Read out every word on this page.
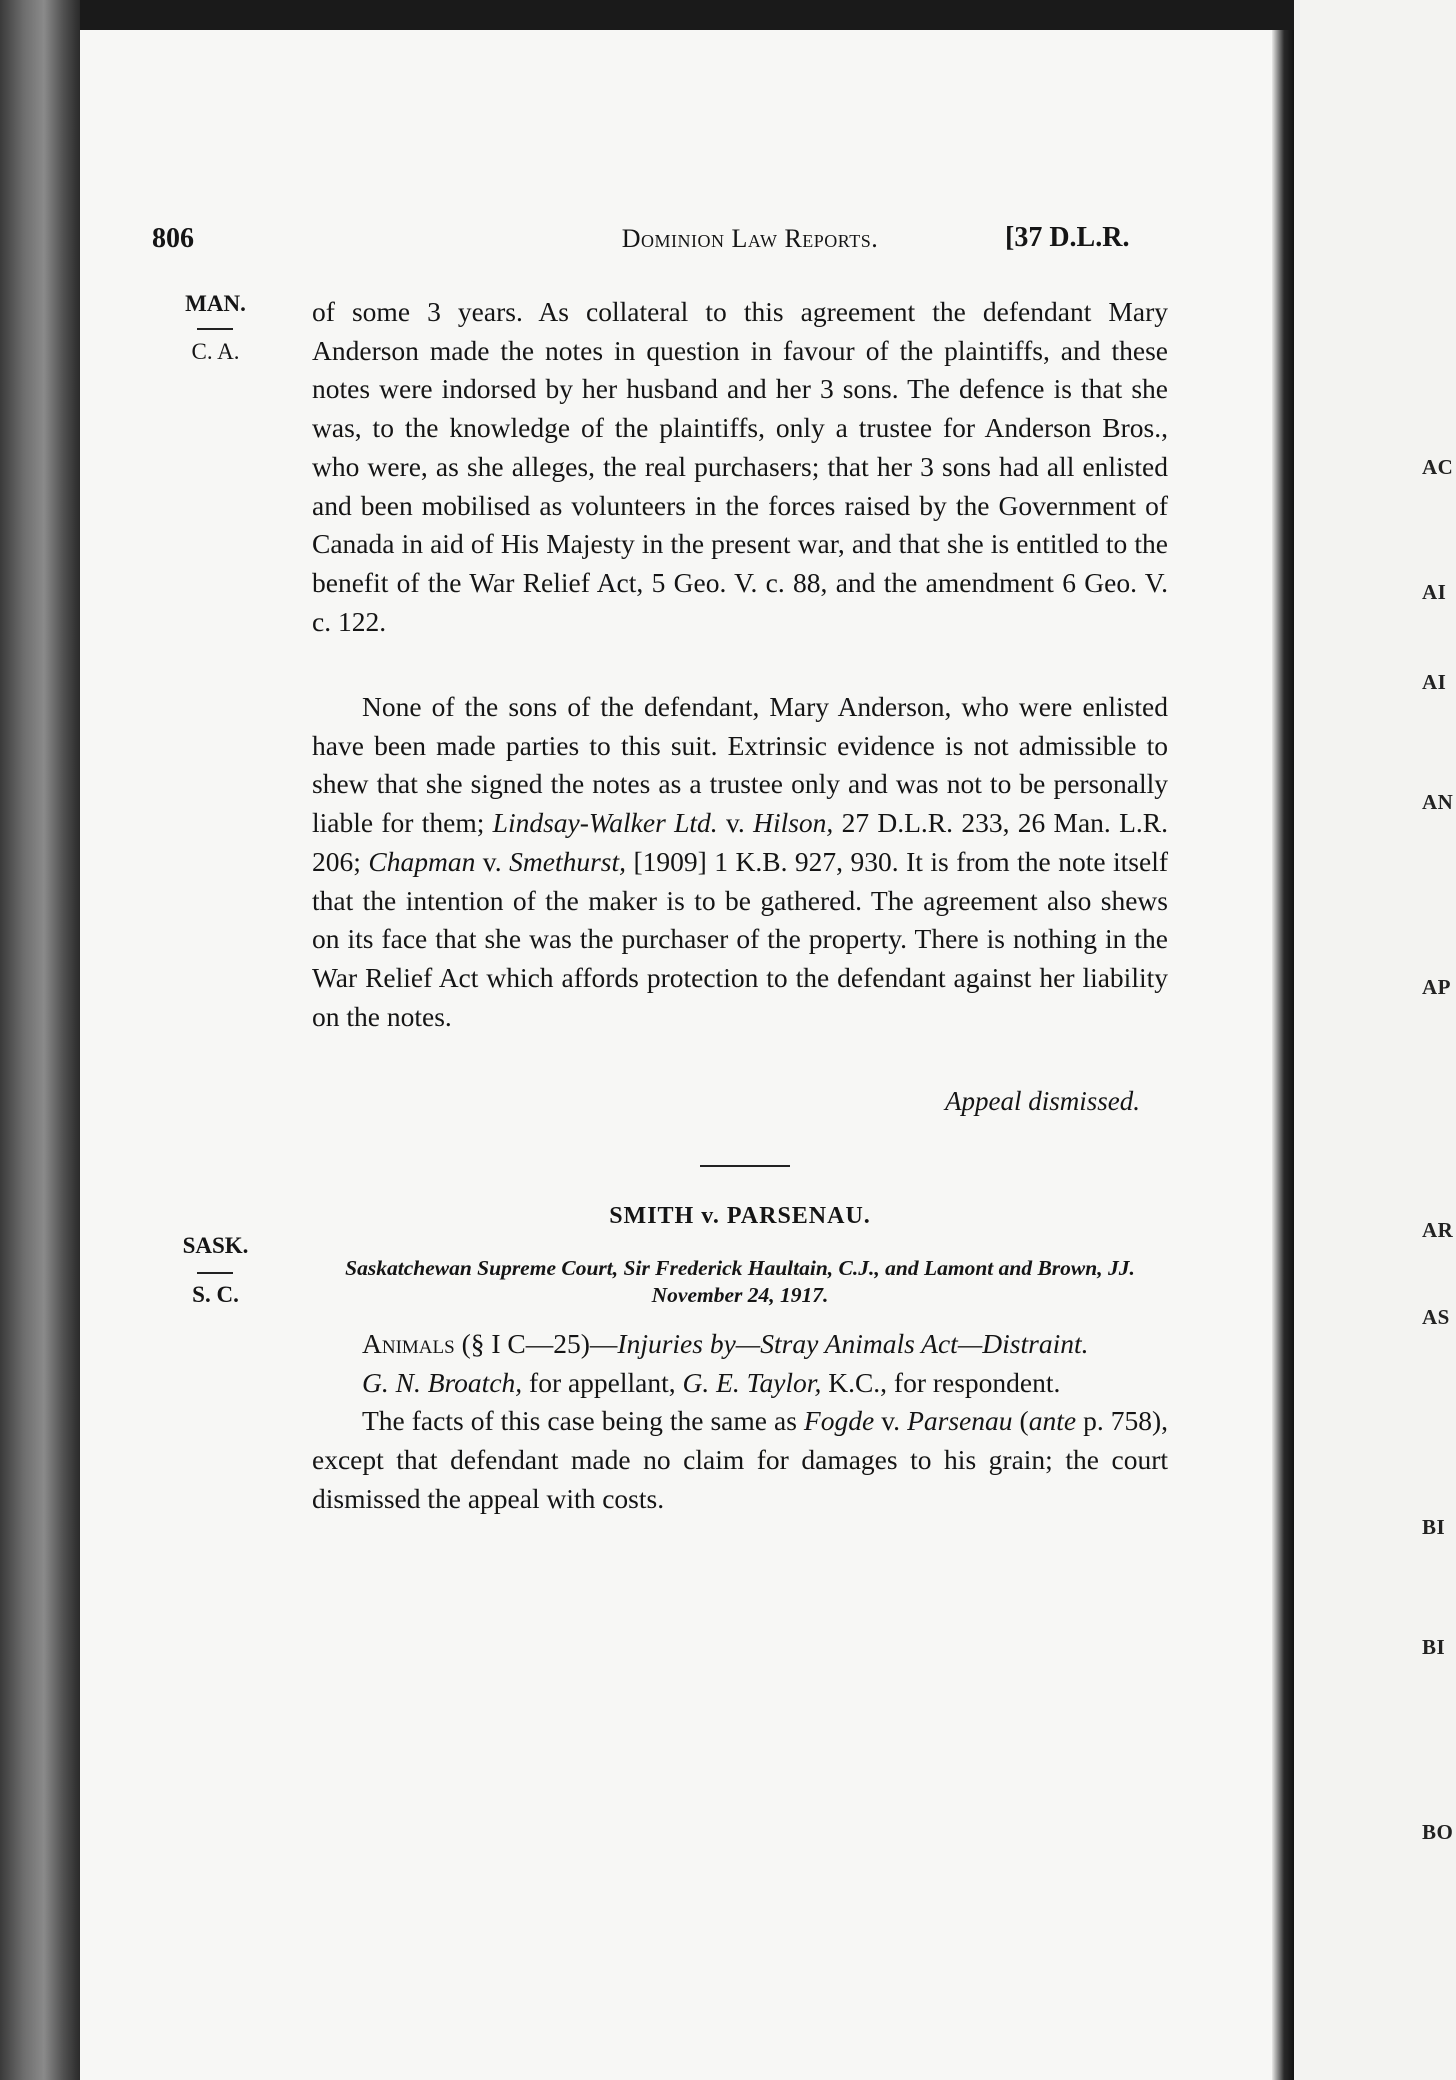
AC
AI
AI
AN
AP
AR
AS
BI
BI
BO
806	Dominion Law Reports.	[37 D.L.R.
MAN.
C. A.

of some 3 years. As collateral to this agreement the defendant Mary Anderson made the notes in question in favour of the plaintiffs, and these notes were indorsed by her husband and her 3 sons. The defence is that she was, to the knowledge of the plaintiffs, only a trustee for Anderson Bros., who were, as she alleges, the real purchasers; that her 3 sons had all enlisted and been mobilised as volunteers in the forces raised by the Government of Canada in aid of His Majesty in the present war, and that she is entitled to the benefit of the War Relief Act, 5 Geo. V. c. 88, and the amendment 6 Geo. V. c. 122.

None of the sons of the defendant, Mary Anderson, who were enlisted have been made parties to this suit. Extrinsic evidence is not admissible to shew that she signed the notes as a trustee only and was not to be personally liable for them; Lindsay-Walker Ltd. v. Hilson, 27 D.L.R. 233, 26 Man. L.R. 206; Chapman v. Smethurst, [1909] 1 K.B. 927, 930. It is from the note itself that the intention of the maker is to be gathered. The agreement also shews on its face that she was the purchaser of the property. There is nothing in the War Relief Act which affords protection to the defendant against her liability on the notes.

Appeal dismissed.
SMITH v. PARSENAU.
SASK.
S. C.
Saskatchewan Supreme Court, Sir Frederick Haultain, C.J., and Lamont and Brown, JJ. November 24, 1917.

Animals (§ I C—25)—Injuries by—Stray Animals Act—Distraint.

G. N. Broatch, for appellant, G. E. Taylor, K.C., for respondent.

The facts of this case being the same as Fogde v. Parsenau (ante p. 758), except that defendant made no claim for damages to his grain; the court dismissed the appeal with costs.
